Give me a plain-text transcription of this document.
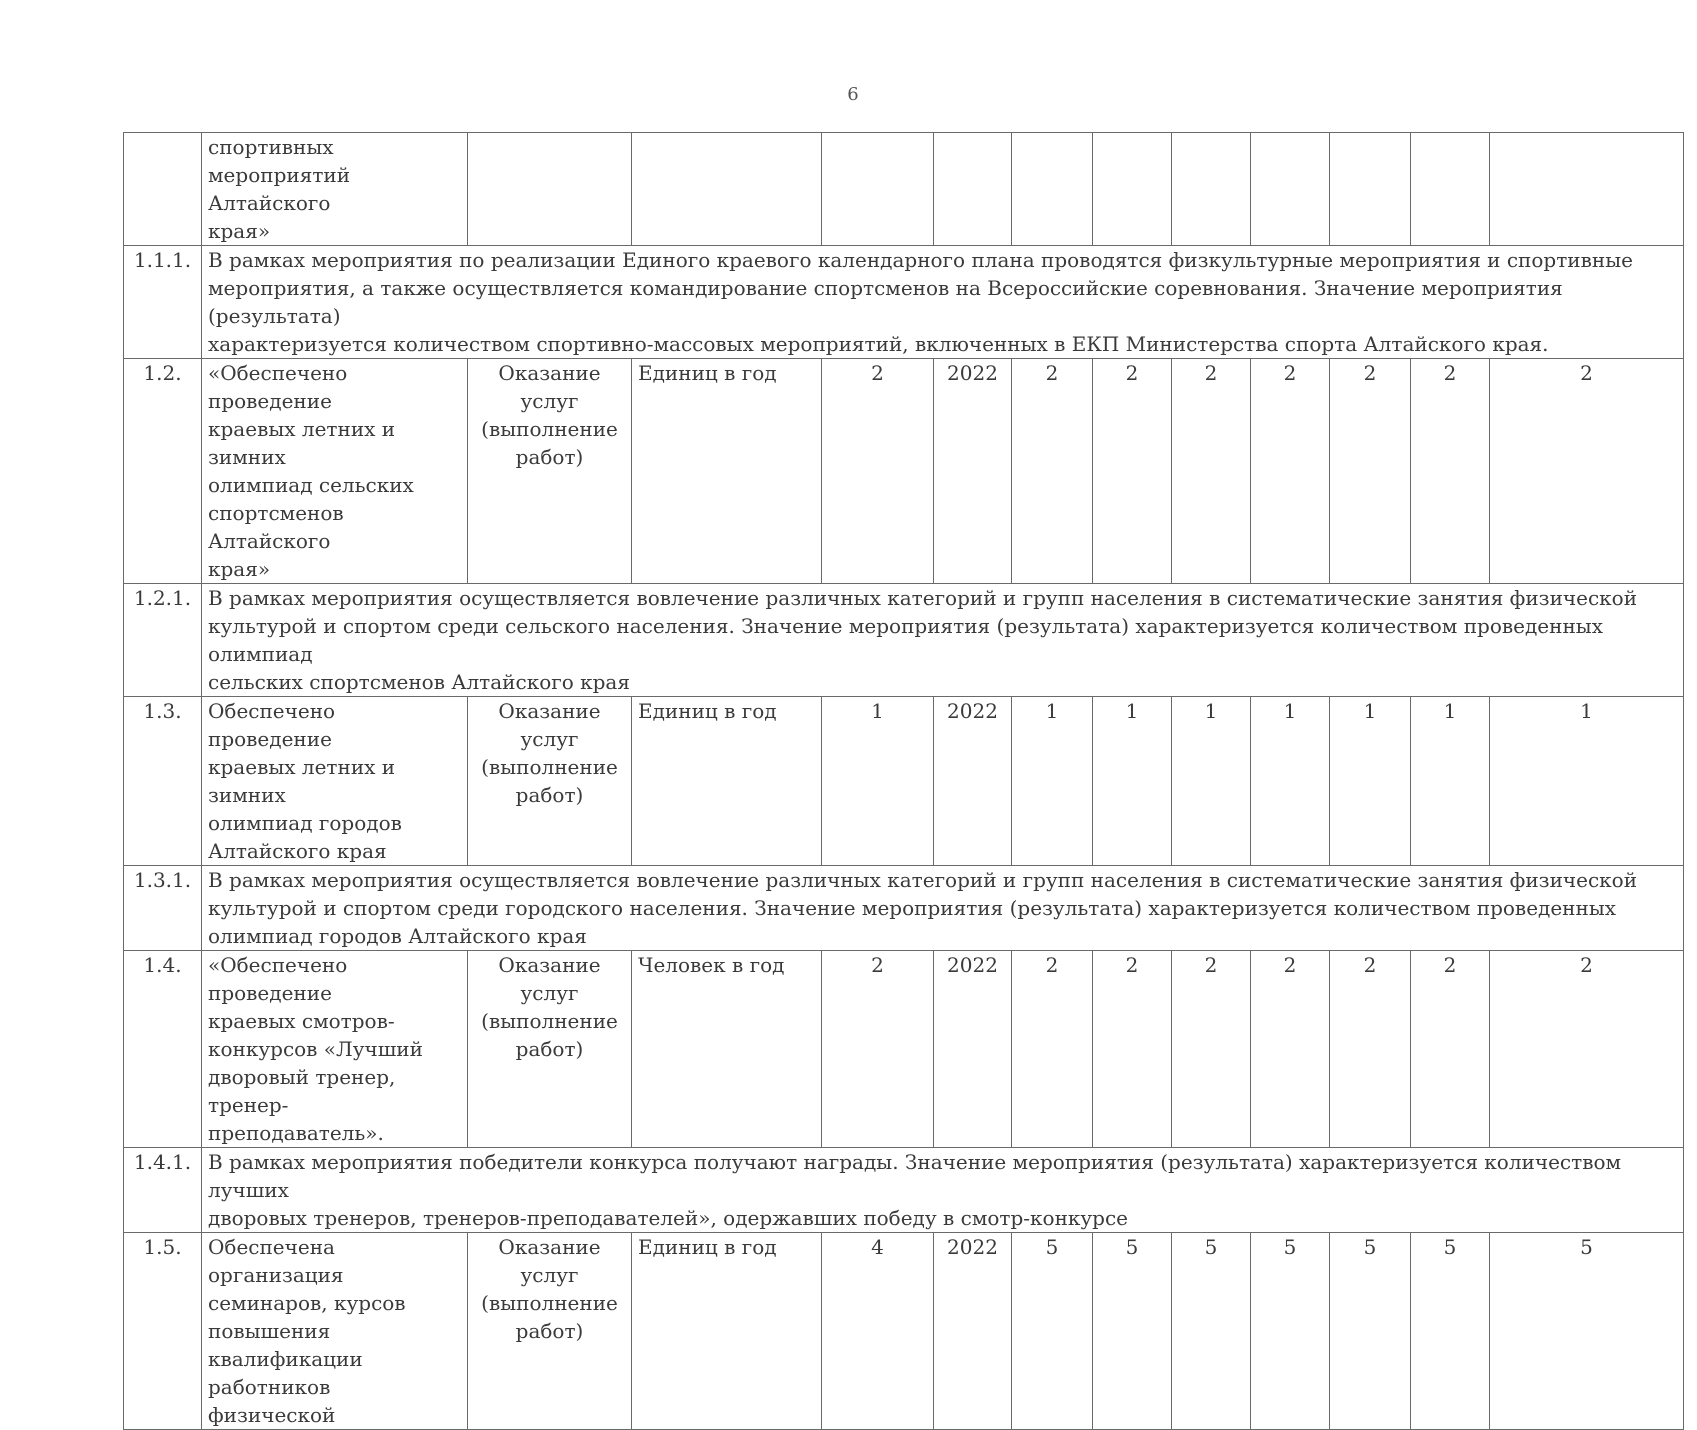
6
	спортивных
мероприятий Алтайского
края»											
1.1.1.	В рамках мероприятия по реализации Единого краевого календарного плана проводятся физкультурные мероприятия и спортивные
мероприятия, а также осуществляется командирование спортсменов на Всероссийские соревнования. Значение мероприятия (результата)
характеризуется количеством спортивно-массовых мероприятий, включенных в ЕКП Министерства спорта Алтайского края.											
1.2.	«Обеспечено проведение
краевых летних и зимних
олимпиад сельских
спортсменов Алтайского
края»	Оказание
услуг
(выполнение
работ)	Единиц в год	2	2022	2	2	2	2	2	2	2
1.2.1.	В рамках мероприятия осуществляется вовлечение различных категорий и групп населения в систематические занятия физической
культурой и спортом среди сельского населения. Значение мероприятия (результата) характеризуется количеством проведенных олимпиад
сельских спортсменов Алтайского края											
1.3.	Обеспечено проведение
краевых летних и зимних
олимпиад городов
Алтайского края	Оказание
услуг
(выполнение
работ)	Единиц в год	1	2022	1	1	1	1	1	1	1
1.3.1.	В рамках мероприятия осуществляется вовлечение различных категорий и групп населения в систематические занятия физической
культурой и спортом среди городского населения. Значение мероприятия (результата) характеризуется количеством проведенных
олимпиад городов Алтайского края											
1.4.	«Обеспечено проведение
краевых смотров-
конкурсов «Лучший
дворовый тренер,
тренер-преподаватель».	Оказание
услуг
(выполнение
работ)	Человек в год	2	2022	2	2	2	2	2	2	2
1.4.1.	В рамках мероприятия победители конкурса получают награды. Значение мероприятия (результата) характеризуется количеством лучших
дворовых тренеров, тренеров-преподавателей», одержавших победу в смотр-конкурсе											
1.5.	Обеспечена организация
семинаров, курсов
повышения
квалификации
работников физической	Оказание
услуг
(выполнение
работ)	Единиц в год	4	2022	5	5	5	5	5	5	5
